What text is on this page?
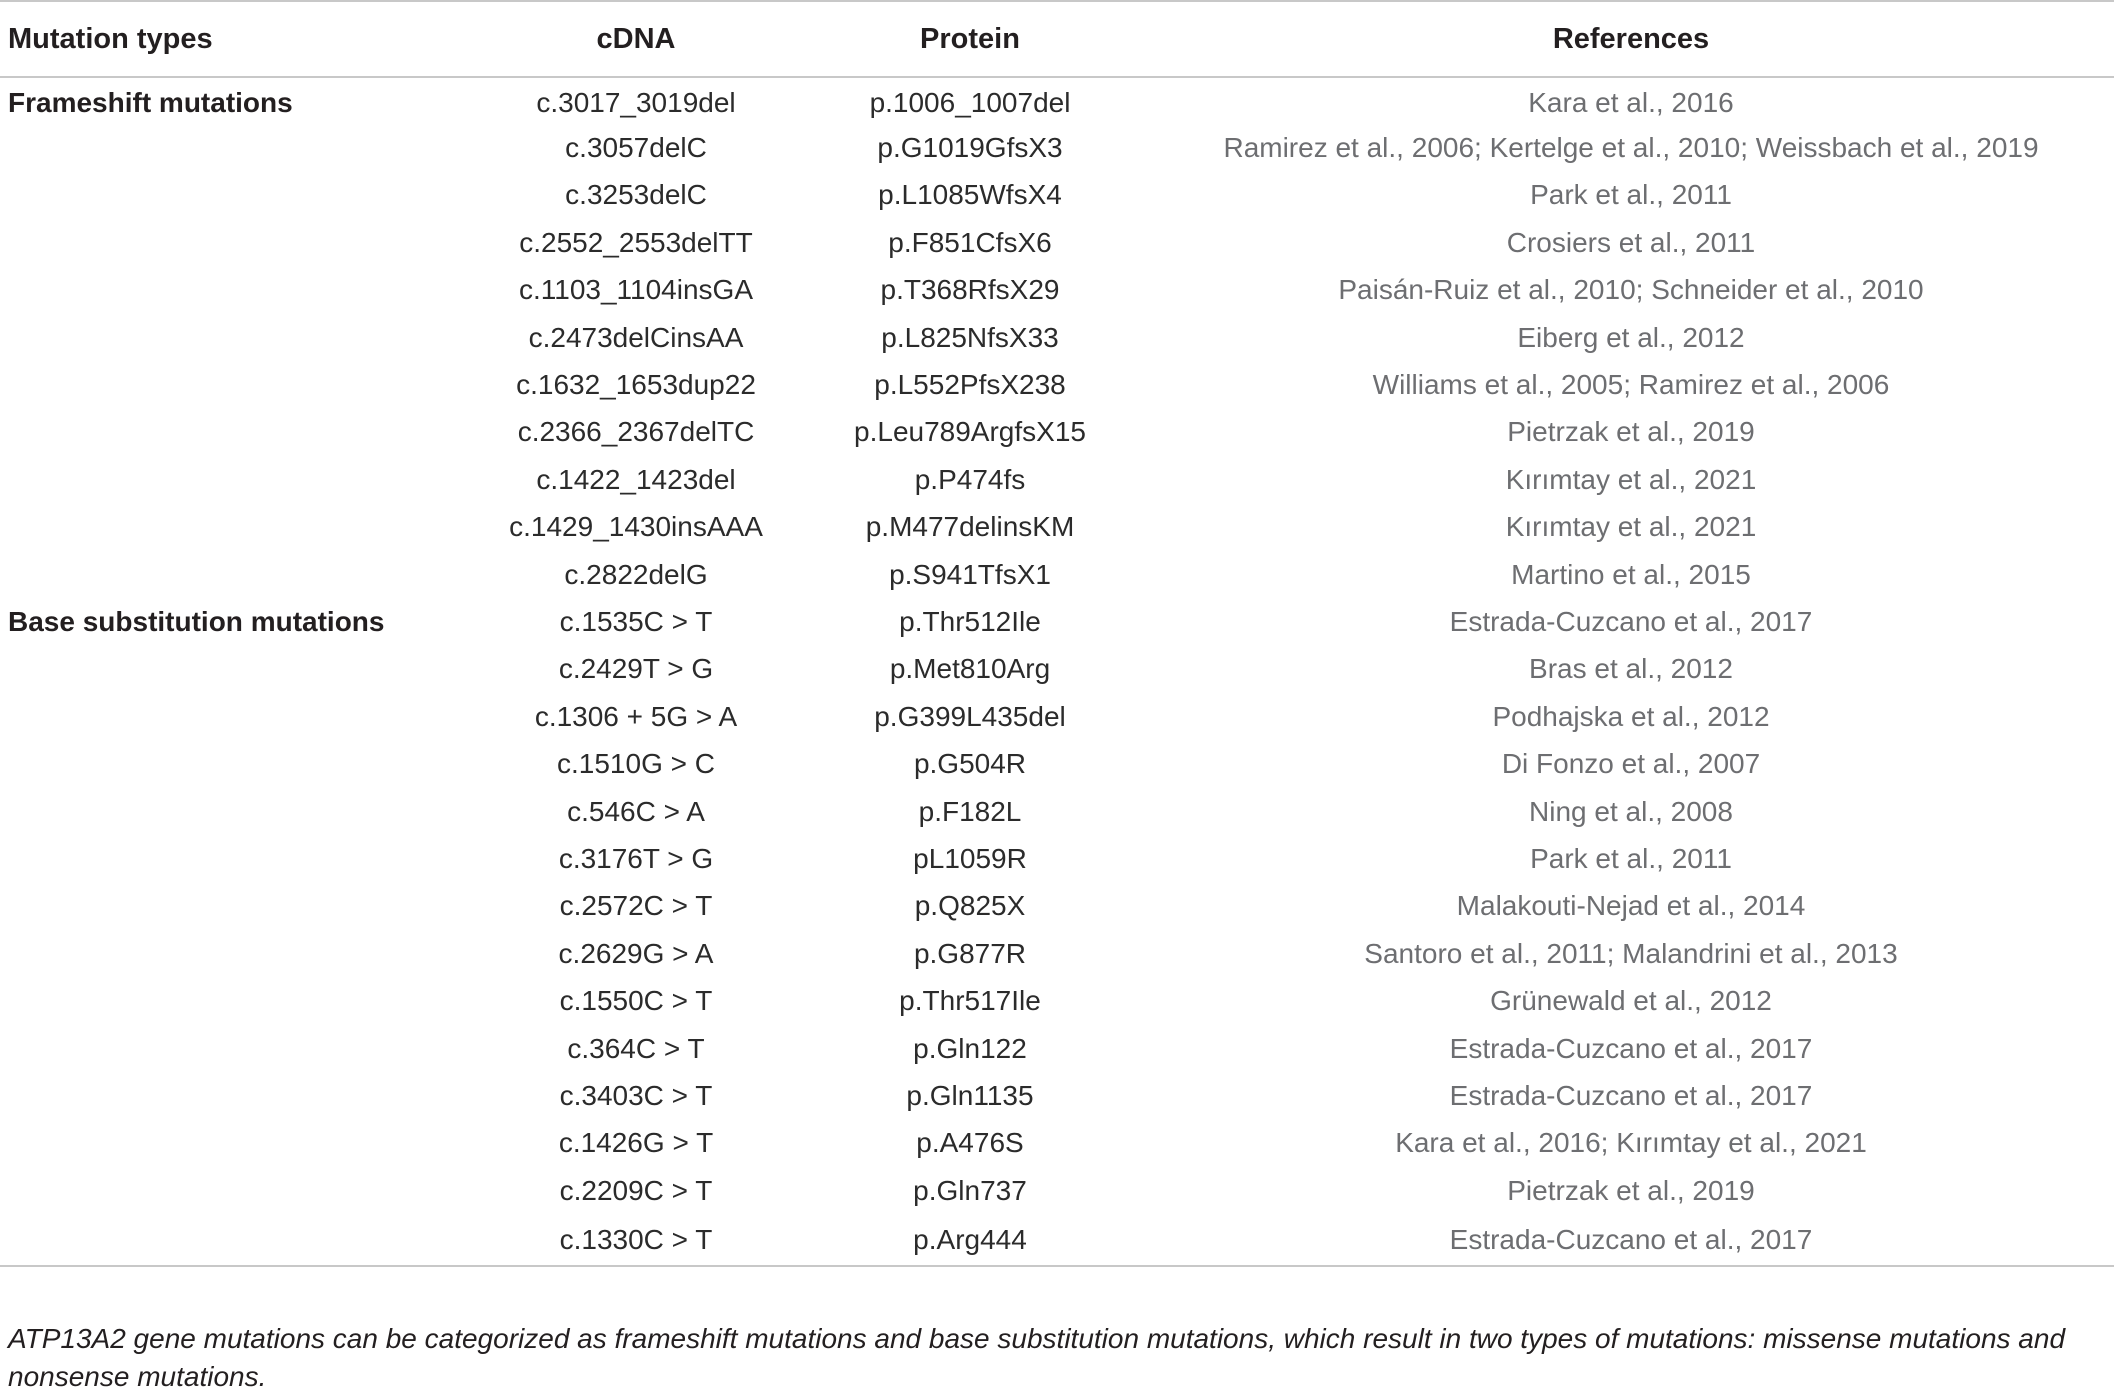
Mutation types	cDNA	Protein	References
Frameshift mutations	c.3017_3019del	p.1006_1007del	Kara et al., 2016
	c.3057delC	p.G1019GfsX3	Ramirez et al., 2006; Kertelge et al., 2010; Weissbach et al., 2019
	c.3253delC	p.L1085WfsX4	Park et al., 2011
	c.2552_2553delTT	p.F851CfsX6	Crosiers et al., 2011
	c.1103_1104insGA	p.T368RfsX29	Paisán-Ruiz et al., 2010; Schneider et al., 2010
	c.2473delCinsAA	p.L825NfsX33	Eiberg et al., 2012
	c.1632_1653dup22	p.L552PfsX238	Williams et al., 2005; Ramirez et al., 2006
	c.2366_2367delTC	p.Leu789ArgfsX15	Pietrzak et al., 2019
	c.1422_1423del	p.P474fs	Kırımtay et al., 2021
	c.1429_1430insAAA	p.M477delinsKM	Kırımtay et al., 2021
	c.2822delG	p.S941TfsX1	Martino et al., 2015
Base substitution mutations	c.1535C > T	p.Thr512Ile	Estrada-Cuzcano et al., 2017
	c.2429T > G	p.Met810Arg	Bras et al., 2012
	c.1306 + 5G > A	p.G399L435del	Podhajska et al., 2012
	c.1510G > C	p.G504R	Di Fonzo et al., 2007
	c.546C > A	p.F182L	Ning et al., 2008
	c.3176T > G	pL1059R	Park et al., 2011
	c.2572C > T	p.Q825X	Malakouti-Nejad et al., 2014
	c.2629G > A	p.G877R	Santoro et al., 2011; Malandrini et al., 2013
	c.1550C > T	p.Thr517Ile	Grünewald et al., 2012
	c.364C > T	p.Gln122	Estrada-Cuzcano et al., 2017
	c.3403C > T	p.Gln1135	Estrada-Cuzcano et al., 2017
	c.1426G > T	p.A476S	Kara et al., 2016; Kırımtay et al., 2021
	c.2209C > T	p.Gln737	Pietrzak et al., 2019
	c.1330C > T	p.Arg444	Estrada-Cuzcano et al., 2017

ATP13A2 gene mutations can be categorized as frameshift mutations and base substitution mutations, which result in two types of mutations: missense mutations and nonsense mutations.
